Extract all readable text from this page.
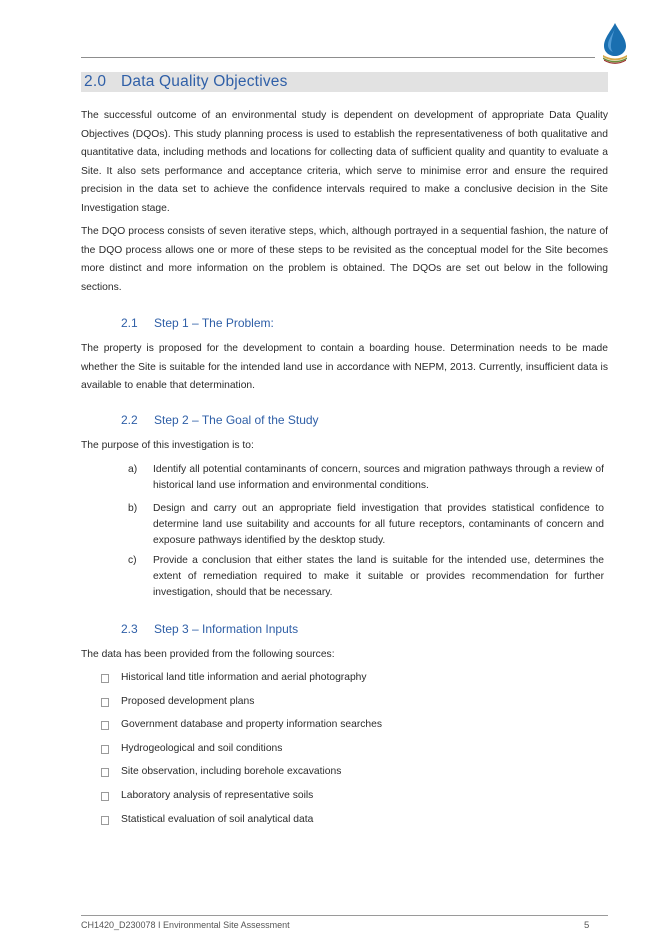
2.0 Data Quality Objectives
The successful outcome of an environmental study is dependent on development of appropriate Data Quality Objectives (DQOs). This study planning process is used to establish the representativeness of both qualitative and quantitative data, including methods and locations for collecting data of sufficient quality and quantity to evaluate a Site. It also sets performance and acceptance criteria, which serve to minimise error and ensure the required precision in the data set to achieve the confidence intervals required to make a conclusive decision in the Site Investigation stage.
The DQO process consists of seven iterative steps, which, although portrayed in a sequential fashion, the nature of the DQO process allows one or more of these steps to be revisited as the conceptual model for the Site becomes more distinct and more information on the problem is obtained. The DQOs are set out below in the following sections.
2.1 Step 1 – The Problem:
The property is proposed for the development to contain a boarding house. Determination needs to be made whether the Site is suitable for the intended land use in accordance with NEPM, 2013. Currently, insufficient data is available to enable that determination.
2.2 Step 2 – The Goal of the Study
The purpose of this investigation is to:
a) Identify all potential contaminants of concern, sources and migration pathways through a review of historical land use information and environmental conditions.
b) Design and carry out an appropriate field investigation that provides statistical confidence to determine land use suitability and accounts for all future receptors, contaminants of concern and exposure pathways identified by the desktop study.
c) Provide a conclusion that either states the land is suitable for the intended use, determines the extent of remediation required to make it suitable or provides recommendation for further investigation, should that be necessary.
2.3 Step 3 – Information Inputs
The data has been provided from the following sources:
Historical land title information and aerial photography
Proposed development plans
Government database and property information searches
Hydrogeological and soil conditions
Site observation, including borehole excavations
Laboratory analysis of representative soils
Statistical evaluation of soil analytical data
CH1420_D230078 I Environmental Site Assessment	5
